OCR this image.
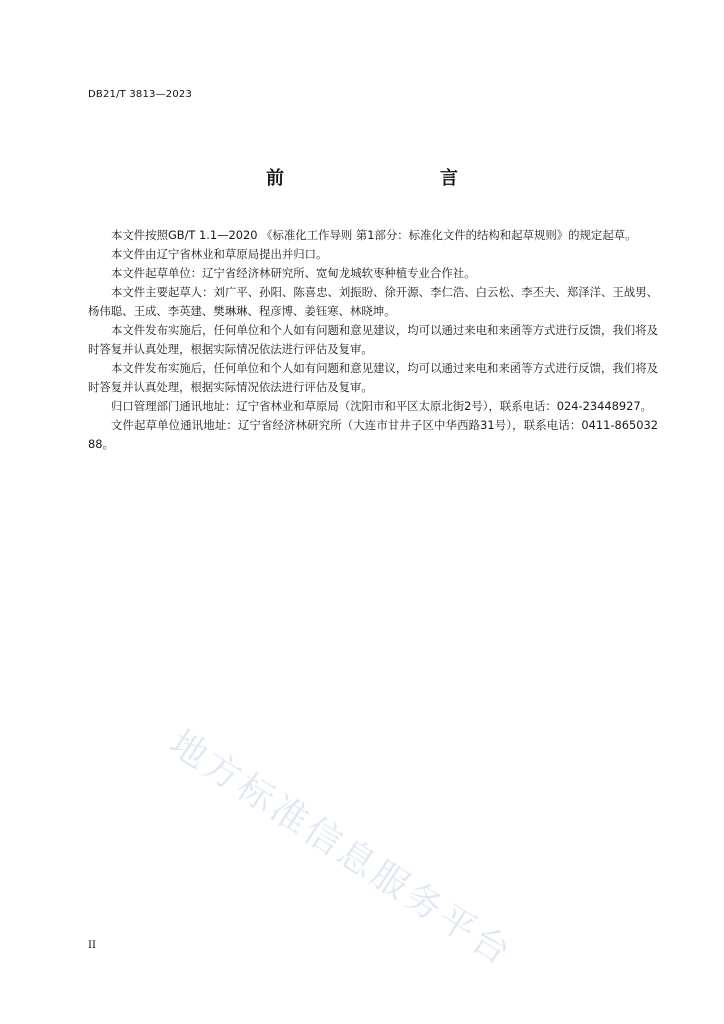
DB21/T 3813—2023
前　　言

本文件按照GB/T 1.1—2020 《标准化工作导则 第1部分：标准化文件的结构和起草规则》的规定起草。

本文件由辽宁省林业和草原局提出并归口。

本文件起草单位：辽宁省经济林研究所、宽甸龙城软枣种植专业合作社。

本文件主要起草人：刘广平、孙阳、陈喜忠、刘振盼、徐开源、李仁浩、白云松、李丕夫、郑泽洋、王战男、杨伟聪、王成、李英建、樊琳琳、程彦博、姜钰寒、林晓坤。

本文件发布实施后，任何单位和个人如有问题和意见建议，均可以通过来电和来函等方式进行反馈，我们将及时答复并认真处理，根据实际情况依法进行评估及复审。

本文件发布实施后，任何单位和个人如有问题和意见建议，均可以通过来电和来函等方式进行反馈，我们将及时答复并认真处理，根据实际情况依法进行评估及复审。

归口管理部门通讯地址：辽宁省林业和草原局（沈阳市和平区太原北街2号），联系电话：024-23448927。

文件起草单位通讯地址：辽宁省经济林研究所（大连市甘井子区中华西路31号），联系电话：0411-86503288。

地方标准信息服务平台
II
